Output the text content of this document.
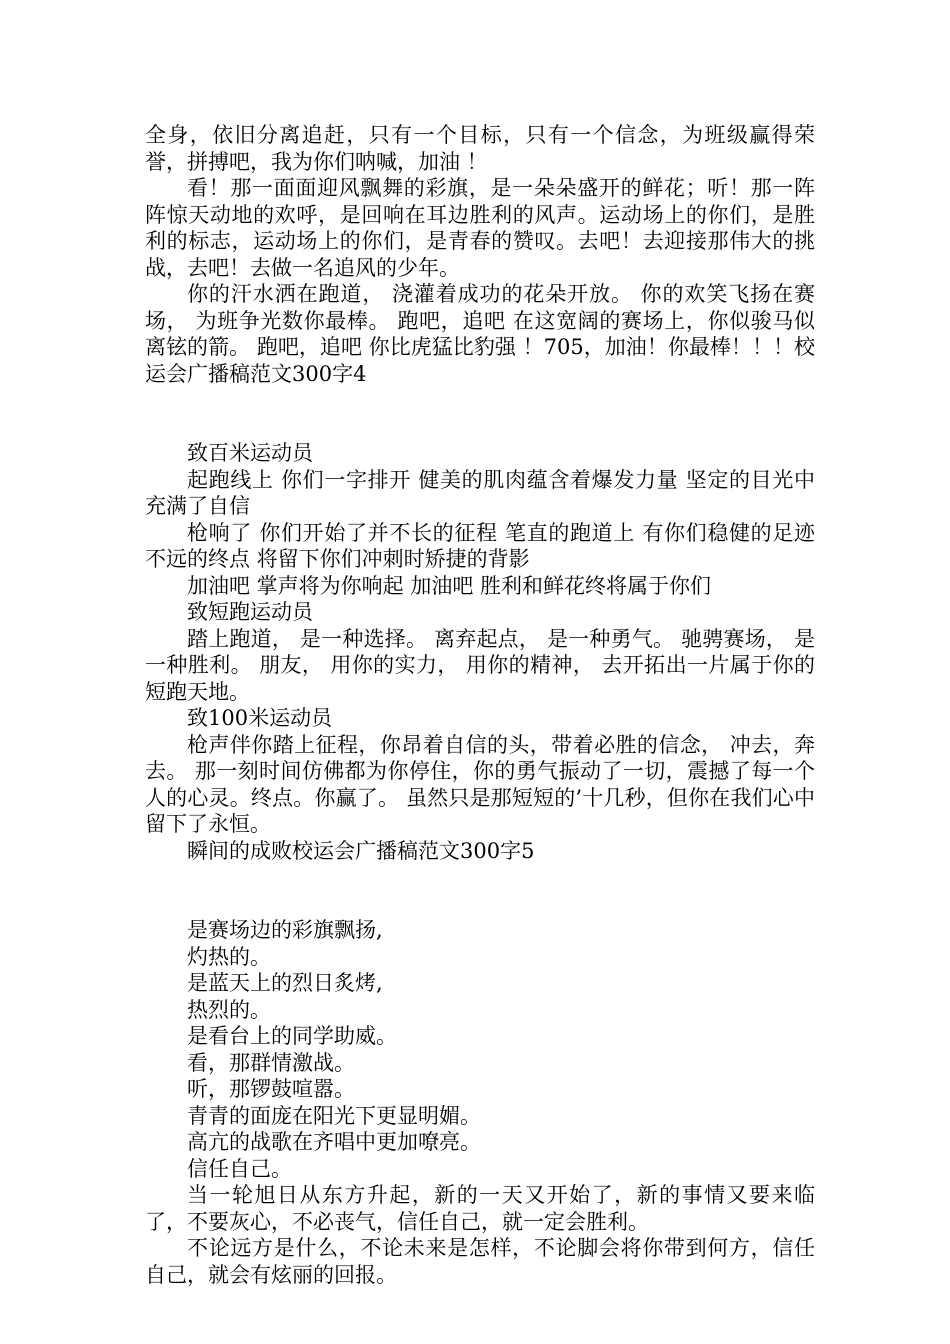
全身，依旧分离追赶，只有一个目标，只有一个信念，为班级赢得荣誉，拼搏吧，我为你们呐喊，加油 ！

看！那一面面迎风飘舞的彩旗，是一朵朵盛开的鲜花；听！那一阵阵惊天动地的欢呼，是回响在耳边胜利的风声。运动场上的你们，是胜利的标志，运动场上的你们，是青春的赞叹。去吧！去迎接那伟大的挑战，去吧！去做一名追风的少年。

你的汗水洒在跑道， 浇灌着成功的花朵开放。 你的欢笑飞扬在赛场， 为班争光数你最棒。 跑吧，追吧 在这宽阔的赛场上，你似骏马似离铉的箭。 跑吧，追吧 你比虎猛比豹强 ！705，加油！你最棒！！！校运会广播稿范文300字4

致百米运动员

起跑线上 你们一字排开 健美的肌肉蕴含着爆发力量 坚定的目光中充满了自信

枪响了 你们开始了并不长的征程 笔直的跑道上 有你们稳健的足迹 不远的终点 将留下你们冲刺时矫捷的背影

加油吧 掌声将为你响起 加油吧 胜利和鲜花终将属于你们

致短跑运动员

踏上跑道， 是一种选择。 离弃起点， 是一种勇气。 驰骋赛场， 是一种胜利。 朋友， 用你的实力， 用你的精神， 去开拓出一片属于你的 短跑天地。

致100米运动员

枪声伴你踏上征程，你昂着自信的头，带着必胜的信念， 冲去，奔去。 那一刻时间仿佛都为你停住，你的勇气振动了一切，震撼了每一个人的心灵。终点。你赢了。 虽然只是那短短的’十几秒，但你在我们心中留下了永恒。

瞬间的成败校运会广播稿范文300字5

是赛场边的彩旗飘扬,

灼热的。

是蓝天上的烈日炙烤,

热烈的。

是看台上的同学助威。

看，那群情激战。

听，那锣鼓喧嚣。

青青的面庞在阳光下更显明媚。

高亢的战歌在齐唱中更加嘹亮。

信任自己。

当一轮旭日从东方升起，新的一天又开始了，新的事情又要来临了，不要灰心，不必丧气，信任自己，就一定会胜利。

不论远方是什么，不论未来是怎样，不论脚会将你带到何方，信任自己，就会有炫丽的回报。
